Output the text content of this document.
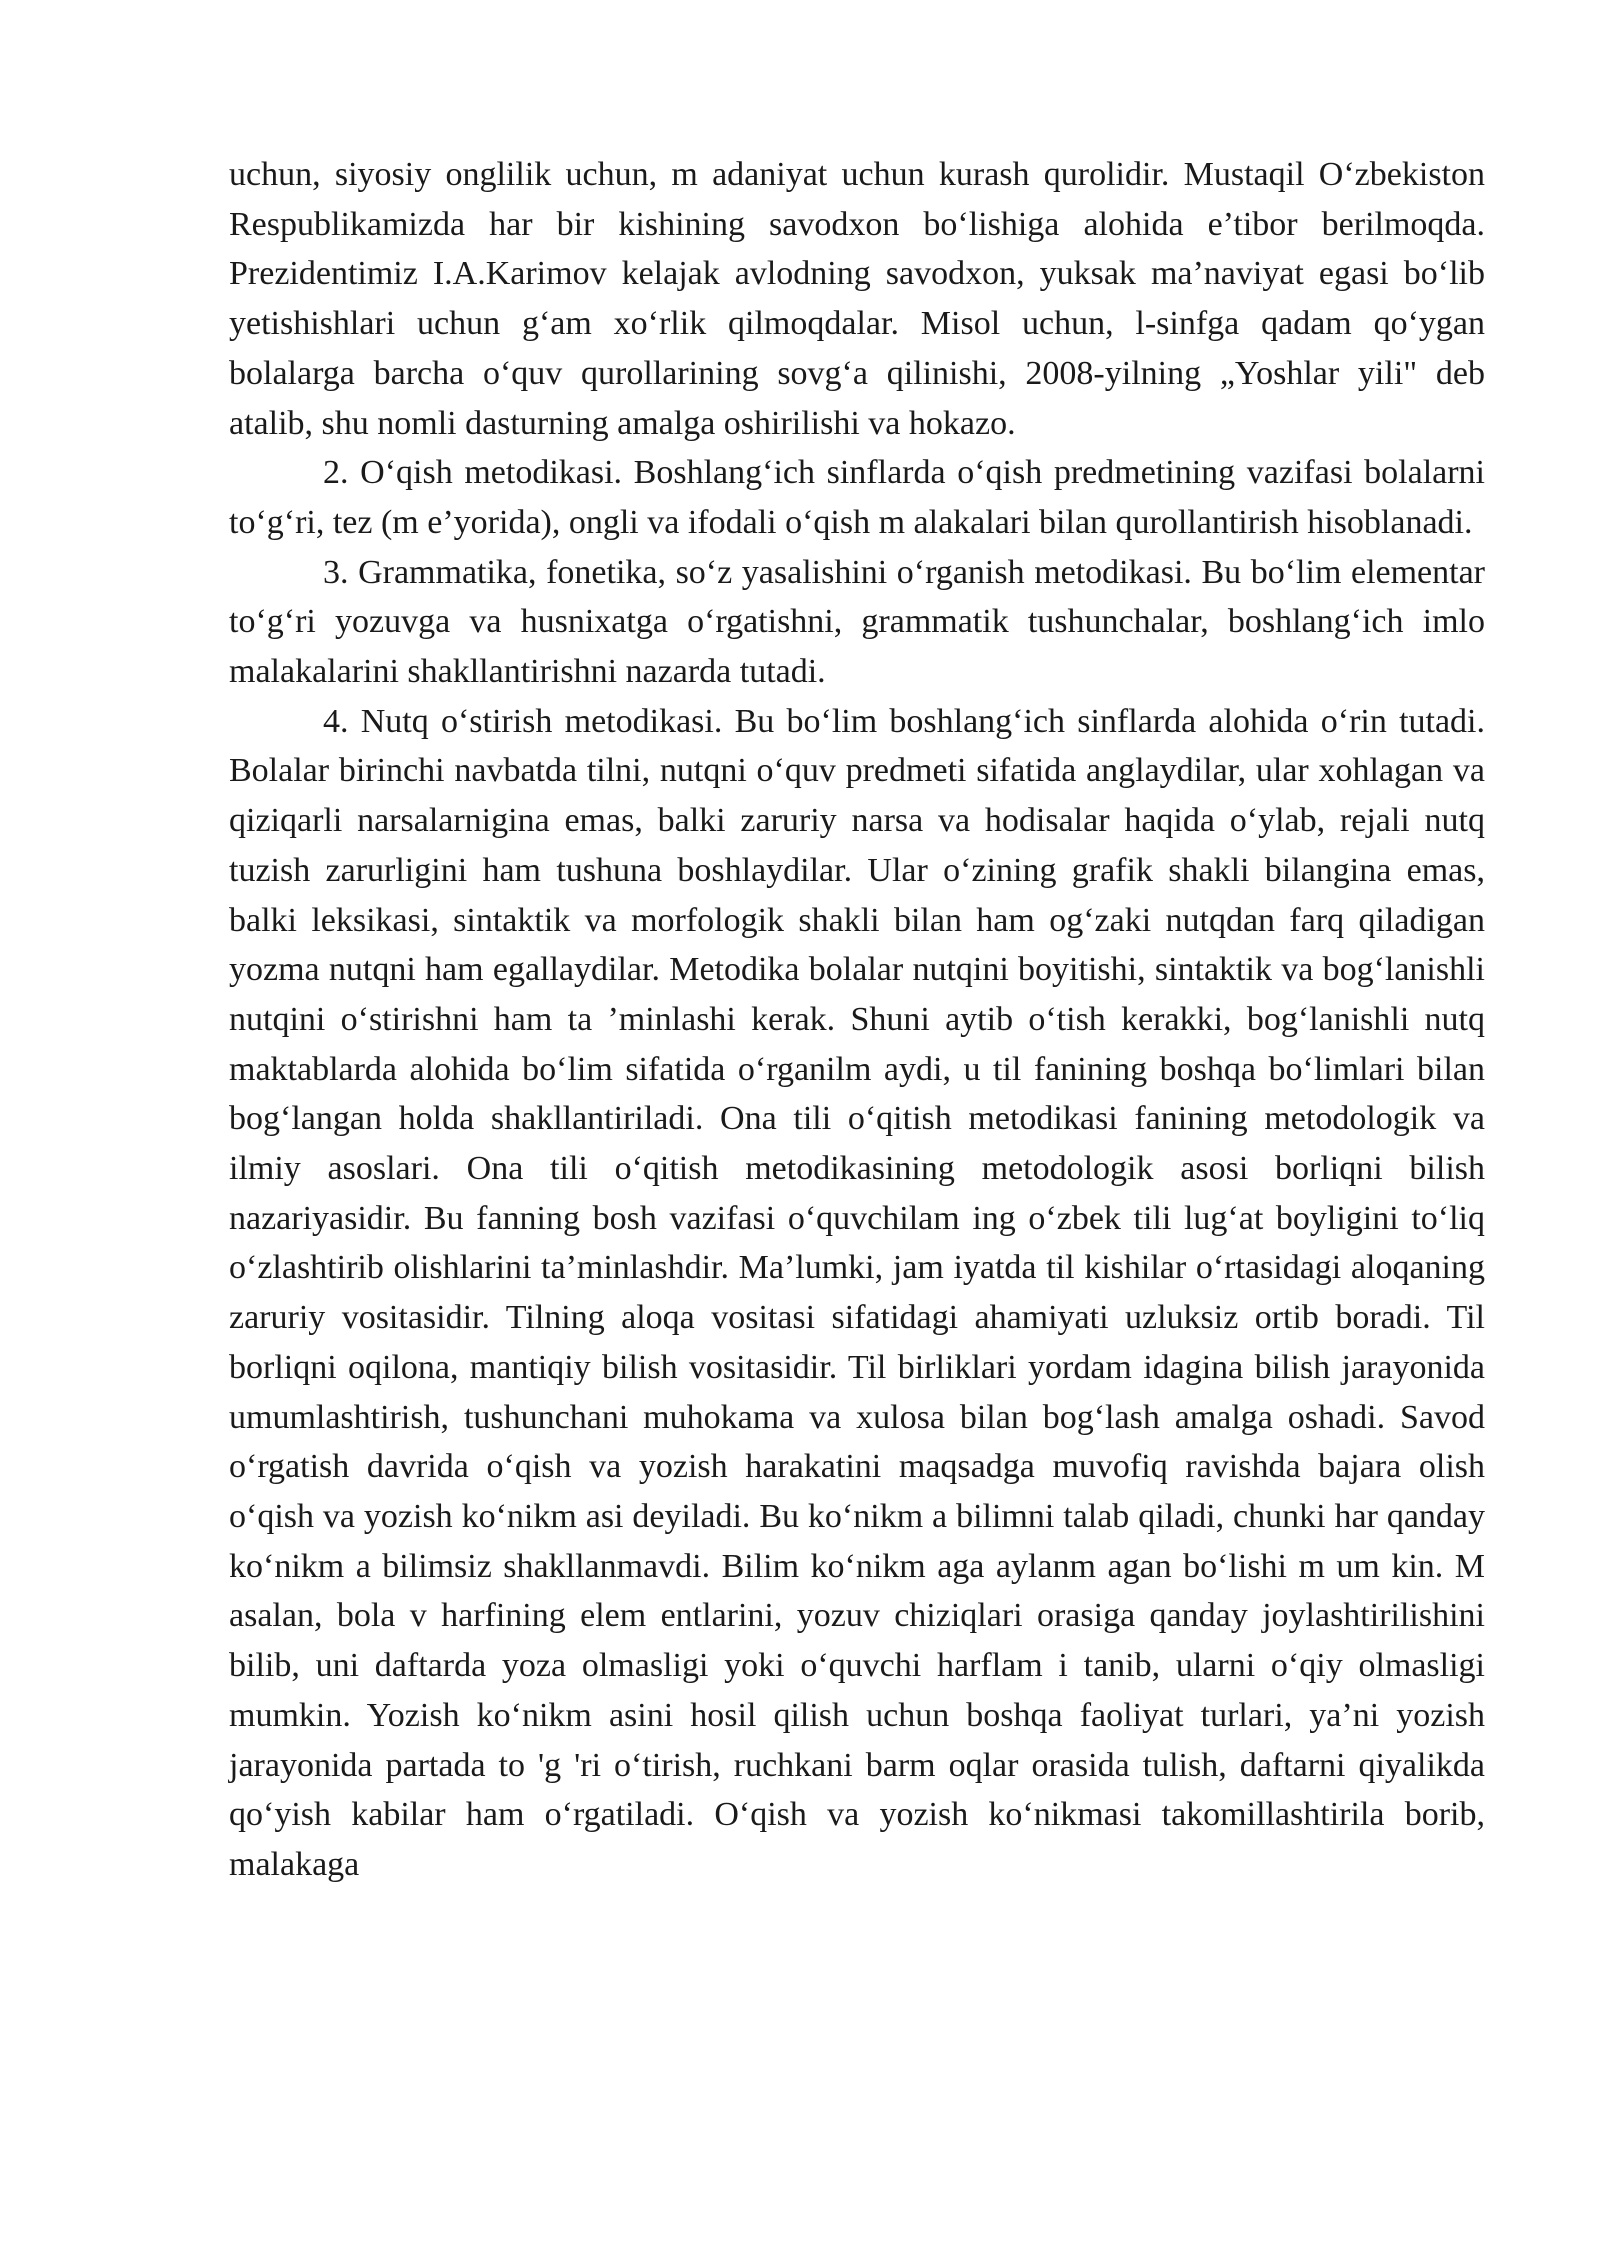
uchun, siyosiy onglilik uchun, m adaniyat uchun kurash qurolidir. Mustaqil O‘zbekiston Respublikamizda har bir kishining savodxon bo‘lishiga alohida e’tibor berilmoqda. Prezidentimiz I.A.Karimov kelajak avlodning savodxon, yuksak ma’naviyat egasi bo‘lib yetishishlari uchun g‘am xo‘rlik qilmoqdalar. Misol uchun, l-sinfga qadam qo‘ygan bolalarga barcha o‘quv qurollarining sovg‘a qilinishi, 2008-yilning „Yoshlar yili" deb atalib, shu nomli dasturning amalga oshirilishi va hokazo.

2. O‘qish metodikasi. Boshlang‘ich sinflarda o‘qish predmetining vazifasi bolalarni to‘g‘ri, tez (m e’yorida), ongli va ifodali o‘qish m alakalari bilan qurollantirish hisoblanadi.

3. Grammatika, fonetika, so‘z yasalishini o‘rganish metodikasi. Bu bo‘lim elementar to‘g‘ri yozuvga va husnixatga o‘rgatishni, grammatik tushunchalar, boshlang‘ich imlo malakalarini shakllantirishni nazarda tutadi.

4. Nutq o‘stirish metodikasi. Bu bo‘lim boshlang‘ich sinflarda alohida o‘rin tutadi. Bolalar birinchi navbatda tilni, nutqni o‘quv predmeti sifatida anglaydilar, ular xohlagan va qiziqarli narsalarnigina emas, balki zaruriy narsa va hodisalar haqida o‘ylab, rejali nutq tuzish zarurligini ham tushuna boshlaydilar. Ular o‘zining grafik shakli bilangina emas, balki leksikasi, sintaktik va morfologik shakli bilan ham og‘zaki nutqdan farq qiladigan yozma nutqni ham egallaydilar. Metodika bolalar nutqini boyitishi, sintaktik va bog‘lanishli nutqini o‘stirishni ham ta ’minlashi kerak. Shuni aytib o‘tish kerakki, bog‘lanishli nutq maktablarda alohida bo‘lim sifatida o‘rganilm aydi, u til fanining boshqa bo‘limlari bilan bog‘langan holda shakllantiriladi. Ona tili o‘qitish metodikasi fanining metodologik va ilmiy asoslari. Ona tili o‘qitish metodikasining metodologik asosi borliqni bilish nazariyasidir. Bu fanning bosh vazifasi o‘quvchilam ing o‘zbek tili lug‘at boyligini to‘liq o‘zlashtirib olishlarini ta’minlashdir. Ma’lumki, jam iyatda til kishilar o‘rtasidagi aloqaning zaruriy vositasidir. Tilning aloqa vositasi sifatidagi ahamiyati uzluksiz ortib boradi. Til borliqni oqilona, mantiqiy bilish vositasidir. Til birliklari yordam idagina bilish jarayonida umumlashtirish, tushunchani muhokama va xulosa bilan bog‘lash amalga oshadi. Savod o‘rgatish davrida o‘qish va yozish harakatini maqsadga muvofiq ravishda bajara olish o‘qish va yozish ko‘nikm asi deyiladi. Bu ko‘nikm a bilimni talab qiladi, chunki har qanday ko‘nikm a bilimsiz shakllanmavdi. Bilim ko‘nikm aga aylanm agan bo‘lishi m um kin. M asalan, bola v harfining elem entlarini, yozuv chiziqlari orasiga qanday joylashtirilishini bilib, uni daftarda yoza olmasligi yoki o‘quvchi harflam i tanib, ularni o‘qiy olmasligi mumkin. Yozish ko‘nikm asini hosil qilish uchun boshqa faoliyat turlari, ya’ni yozish jarayonida partada to 'g 'ri o‘tirish, ruchkani barm oqlar orasida tulish, daftarni qiyalikda qo‘yish kabilar ham o‘rgatiladi. O‘qish va yozish ko‘nikmasi takomillashtirila borib, malakaga
